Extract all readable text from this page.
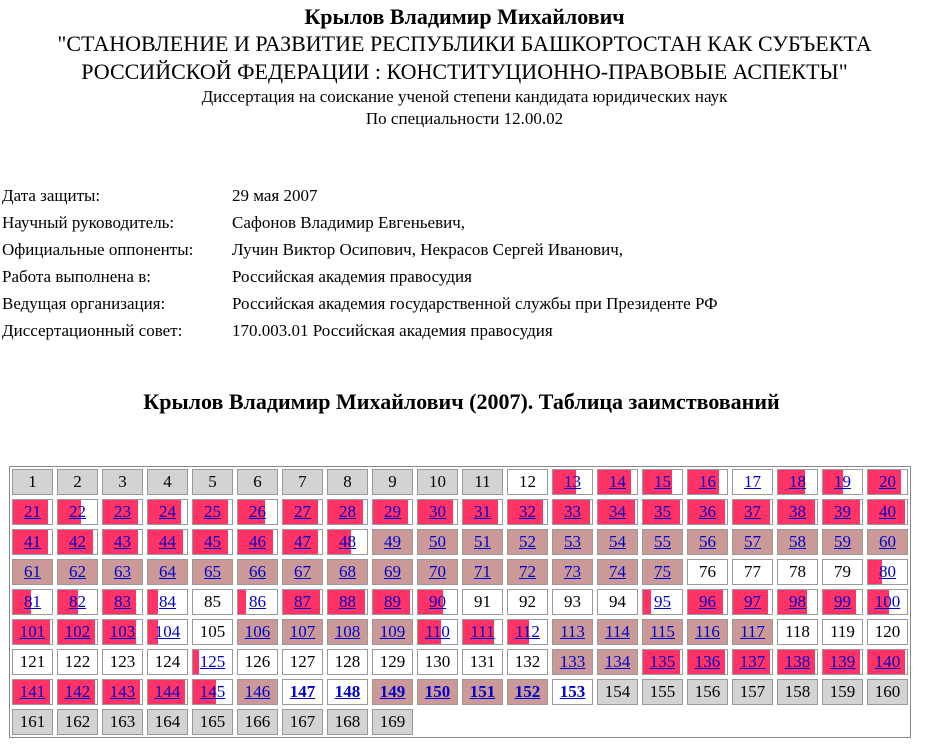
Крылов Владимир Михайлович
"СТАНОВЛЕНИЕ И РАЗВИТИЕ РЕСПУБЛИКИ БАШКОРТОСТАН КАК СУБЪЕКТА
РОССИЙСКОЙ ФЕДЕРАЦИИ : КОНСТИТУЦИОННО-ПРАВОВЫЕ АСПЕКТЫ"
Диссертация на соискание ученой степени кандидата юридических наук
По специальности 12.00.02
Дата защиты:	29 мая 2007
Научный руководитель:	Сафонов Владимир Евгеньевич,
Официальные оппоненты:	Лучин Виктор Осипович, Некрасов Сергей Иванович,
Работа выполнена в:	Российская академия правосудия
Ведущая организация:	Российская академия государственной службы при Президенте РФ
Диссертационный совет:	170.003.01 Российская академия правосудия
Крылов Владимир Михайлович (2007). Таблица заимствований
1	2	3	4	5	6	7	8	9	10	11	12	13	14	15	16	17	18	19	20
21	22	23	24	25	26	27	28	29	30	31	32	33	34	35	36	37	38	39	40
41	42	43	44	45	46	47	48	49	50	51	52	53	54	55	56	57	58	59	60
61	62	63	64	65	66	67	68	69	70	71	72	73	74	75	76	77	78	79	80
81	82	83	84	85	86	87	88	89	90	91	92	93	94	95	96	97	98	99	100
101	102	103	104	105	106	107	108	109	110	111	112	113	114	115	116	117	118	119	120
121	122	123	124	125	126	127	128	129	130	131	132	133	134	135	136	137	138	139	140
141	142	143	144	145	146	147	148	149	150	151	152	153	154	155	156	157	158	159	160
161	162	163	164	165	166	167	168	169
